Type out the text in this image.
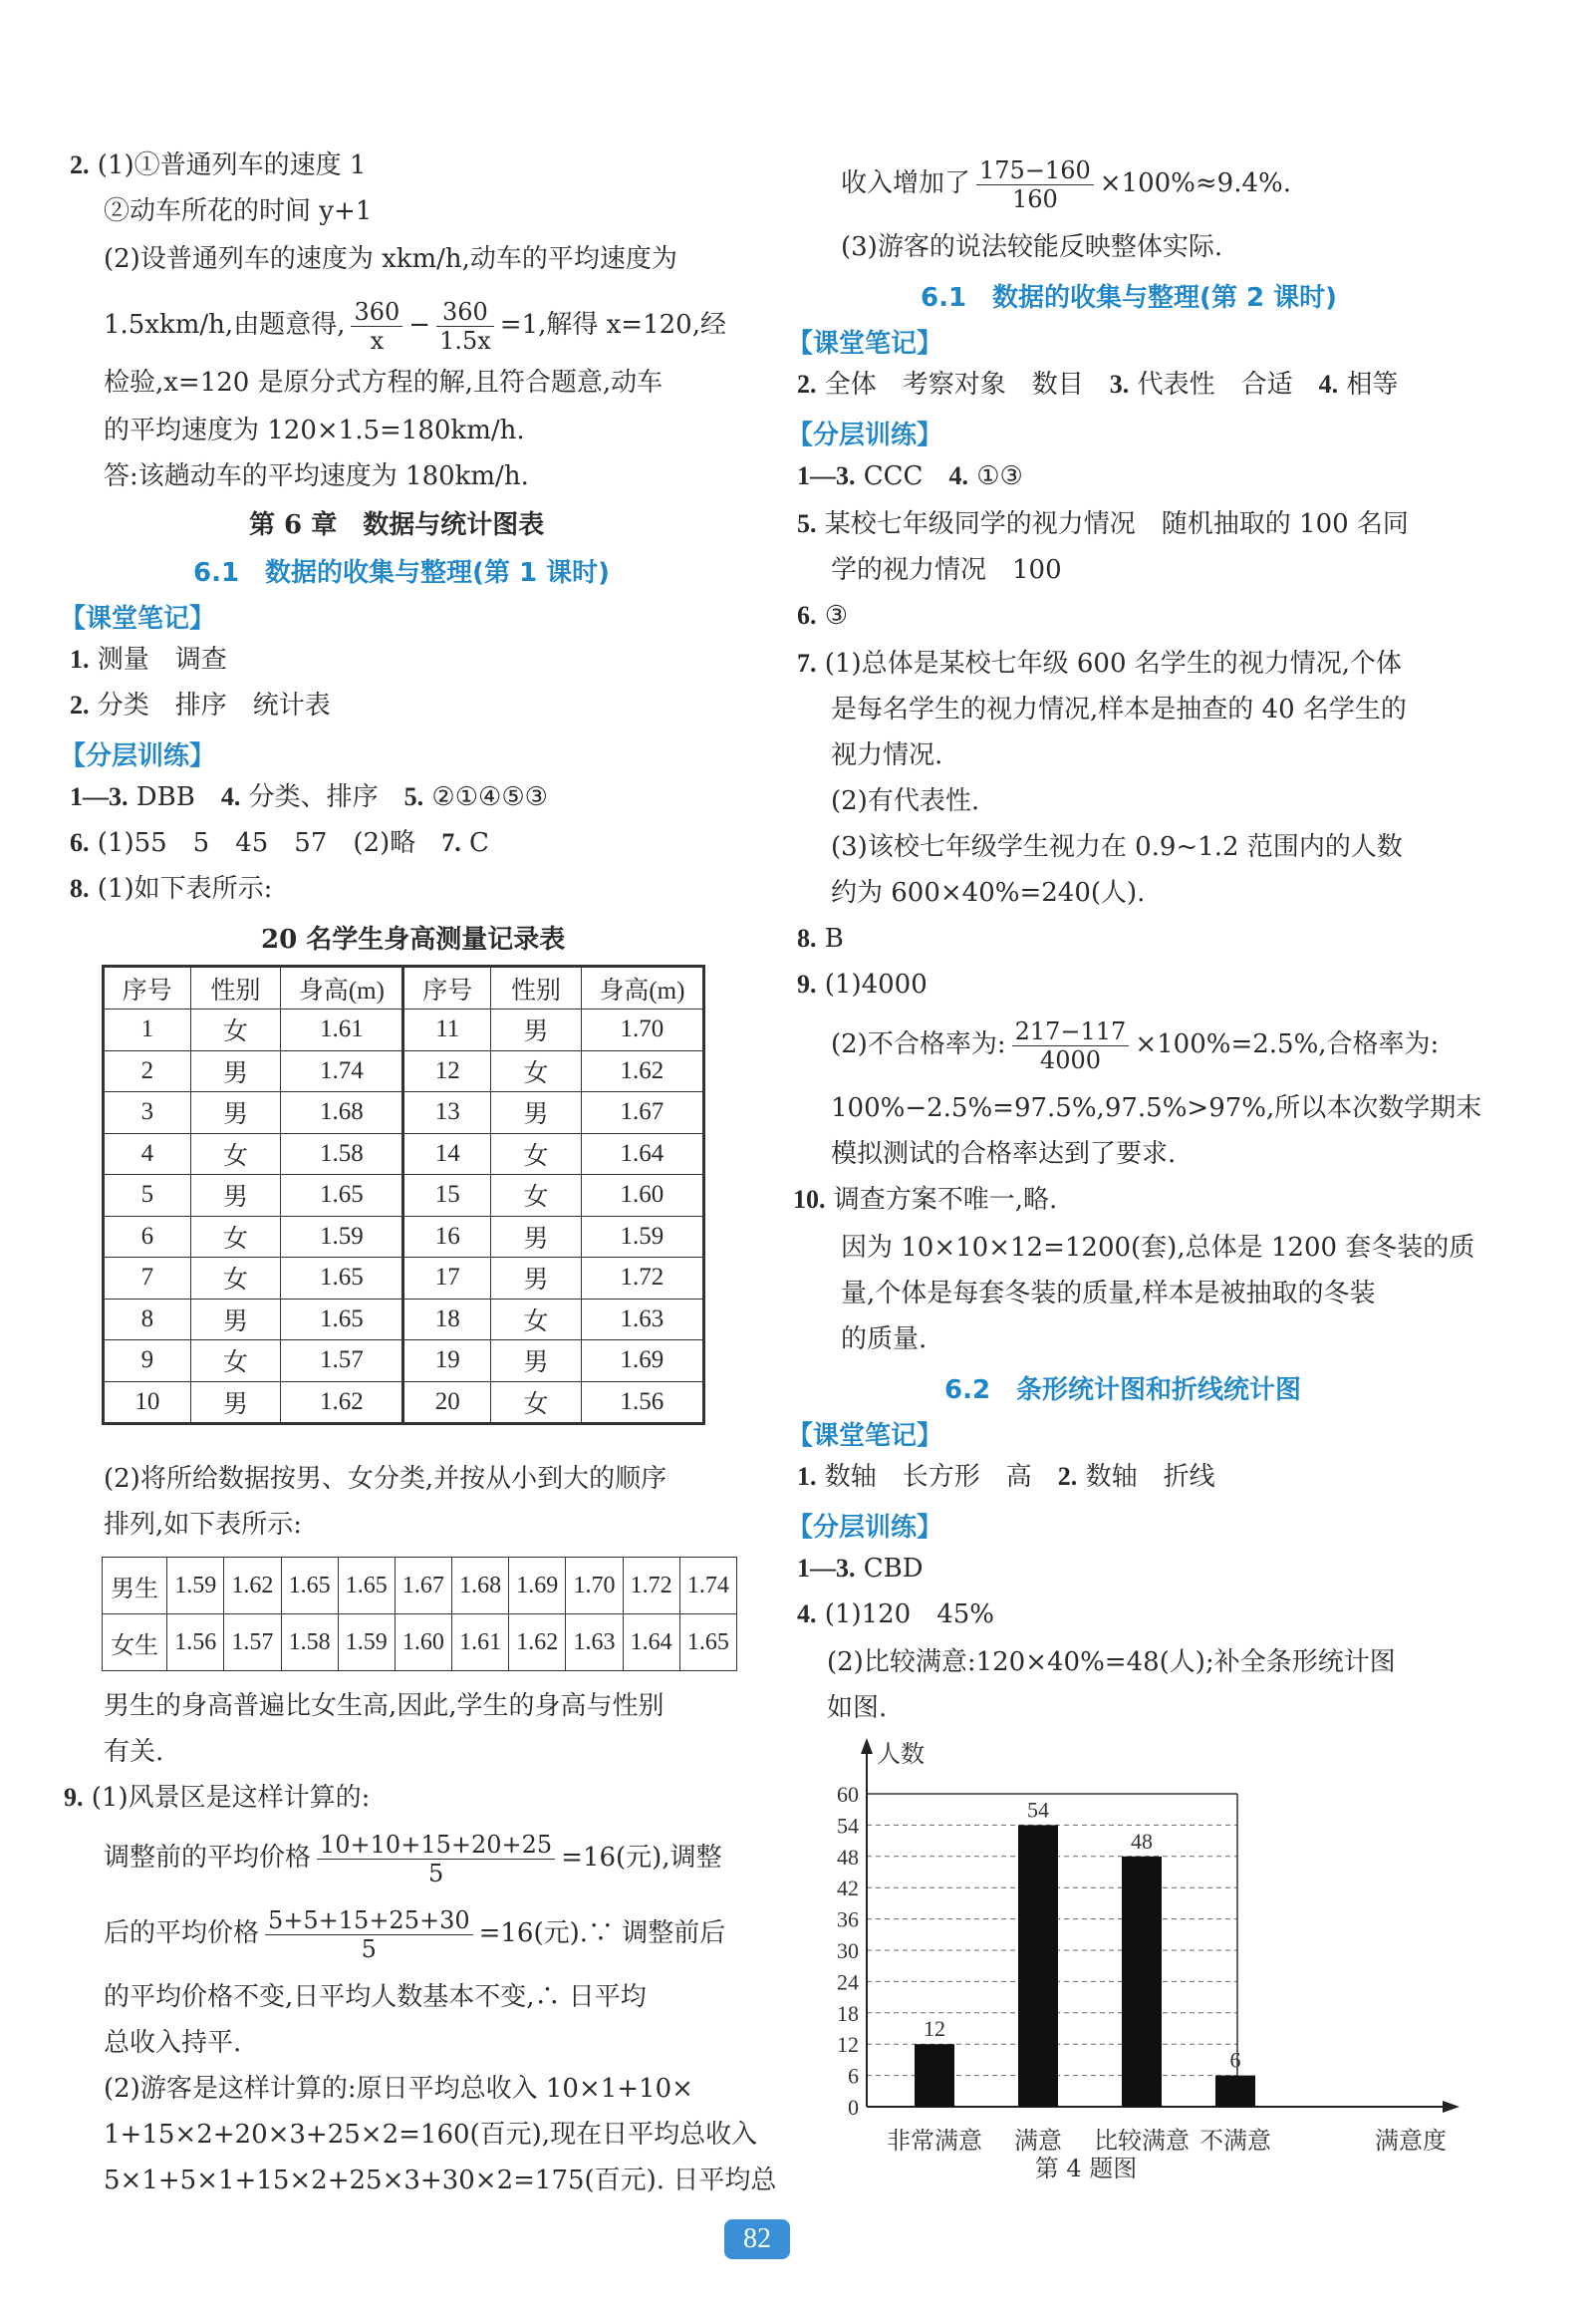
2. (1)①普通列车的速度 1
②动车所花的时间 y+1
(2)设普通列车的速度为 xkm/h,动车的平均速度为
1.5xkm/h,由题意得, $\frac{360}{x} - \frac{360}{1.5x} =1$,解得 x=120,经
检验,x=120 是原分式方程的解,且符合题意,动车
的平均速度为 120×1.5=180km/h.
答:该趟动车的平均速度为 180km/h.
第 6 章　数据与统计图表
6.1　数据的收集与整理(第 1 课时)
【课堂笔记】
1. 测量　调查
2. 分类　排序　统计表
【分层训练】
1—3. DBB　 4. 分类、排序　 5. ②①④⑤③
6. (1)55　5　45　57　(2)略　 7. C
8. (1)如下表所示:
20 名学生身高测量记录表
序号	性别	身高(m)	序号	性别	身高(m)
1	女	1.61	11	男	1.70
2	男	1.74	12	女	1.62
3	男	1.68	13	男	1.67
4	女	1.58	14	女	1.64
5	男	1.65	15	女	1.60
6	女	1.59	16	男	1.59
7	女	1.65	17	男	1.72
8	男	1.65	18	女	1.63
9	女	1.57	19	男	1.69
10	男	1.62	20	女	1.56
(2)将所给数据按男、女分类,并按从小到大的顺序
排列,如下表所示:
男生	1.59	1.62	1.65	1.65	1.67	1.68	1.69	1.70	1.72	1.74
女生	1.56	1.57	1.58	1.59	1.60	1.61	1.62	1.63	1.64	1.65
男生的身高普遍比女生高,因此,学生的身高与性别
有关.
9. (1)风景区是这样计算的:
调整前的平均价格 $\frac{10+10+15+20+25}{5} =16$(元),调整
后的平均价格 $\frac{5+5+15+25+30}{5} =16$(元).∵ 调整前后
的平均价格不变,日平均人数基本不变,∴ 日平均
总收入持平.
(2)游客是这样计算的:原日平均总收入 10×1+10×
1+15×2+20×3+25×2=160(百元),现在日平均总收入
5×1+5×1+15×2+25×3+30×2=175(百元). 日平均总
收入增加了 $\frac{175-160}{160} \times 100\%\approx 9.4\%$.
(3)游客的说法较能反映整体实际.
6.1　数据的收集与整理(第 2 课时)
【课堂笔记】
2. 全体　考察对象　数目　 3. 代表性　合适　 4. 相等
【分层训练】
1—3. CCC　 4. ①③
5. 某校七年级同学的视力情况　随机抽取的 100 名同
学的视力情况　100
6. ③
7. (1)总体是某校七年级 600 名学生的视力情况,个体
是每名学生的视力情况,样本是抽查的 40 名学生的
视力情况.
(2)有代表性.
(3)该校七年级学生视力在 0.9~1.2 范围内的人数
约为 600×40%=240(人).
8. B
9. (1)4000
(2)不合格率为: $\frac{217-117}{4000} \times 100\%=2.5\%$,合格率为:
100%−2.5%=97.5%,97.5%>97%,所以本次数学期末
模拟测试的合格率达到了要求.
10. 调查方案不唯一,略.
因为 10×10×12=1200(套),总体是 1200 套冬装的质
量,个体是每套冬装的质量,样本是被抽取的冬装
的质量.
6.2　条形统计图和折线统计图
【课堂笔记】
1. 数轴　长方形　高　 2. 数轴　折线
【分层训练】
1—3. CBD
4. (1)120　45%
(2)比较满意:120×40%=48(人);补全条形统计图
如图.
0
6
12
18
24
30
36
42
48
54
60
人数
满意度
12
非常满意
54
满意
48
比较满意
6
不满意
第 4 题图
82
